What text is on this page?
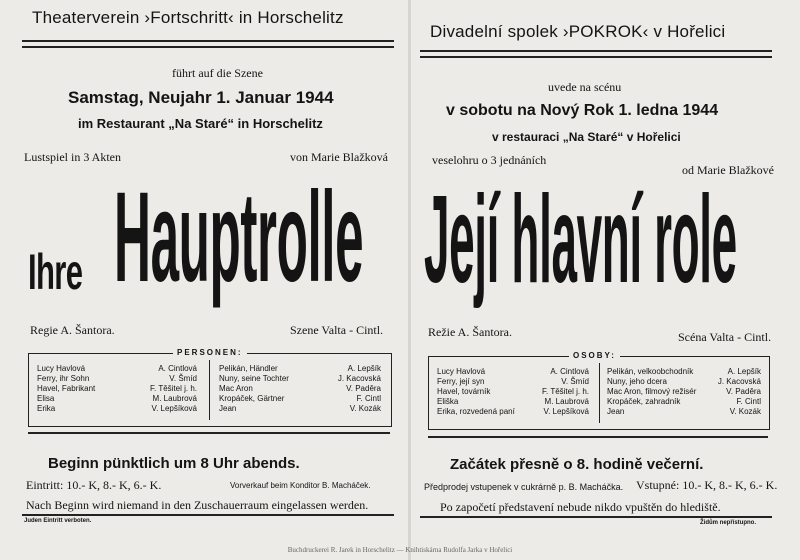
Theaterverein ›Fortschritt‹ in Horschelitz
führt auf die Szene
Samstag, Neujahr 1. Januar 1944
im Restaurant „Na Staré“ in Horschelitz
Lustspiel in 3 Akten	von Marie Blažková
Ihre Hauptrolle
Regie A. Šantora.	Szene Valta - Cintl.
PERSONEN:
Lucy Havlová	A. Cintlová
Ferry, ihr Sohn	V. Šmíd
Havel, Fabrikant	F. Těšitel j. h.
Elisa	M. Laubrová
Erika	V. Lepšíková
Pelikán, Händler	A. Lepšík
Nuny, seine Tochter	J. Kacovská
Mac Aron	V. Paděra
Kropáček, Gärtner	F. Cintl
Jean	V. Kozák
Beginn pünktlich um 8 Uhr abends.
Eintritt: 10.- K, 8.- K, 6.- K.	Vorverkauf beim Konditor B. Macháček.
Nach Beginn wird niemand in den Zuschauerraum eingelassen werden.
Juden Eintritt verboten.
Divadelní spolek ›POKROK‹ v Hořelici
uvede na scénu
v sobotu na Nový Rok 1. ledna 1944
v restauraci „Na Staré“ v Hořelici
veselohru o 3 jednáních
od Marie Blažkové
Její hlavní role
Režie A. Šantora.	Scéna Valta - Cintl.
OSOBY:
Lucy Havlová	A. Cintlová
Ferry, její syn	V. Šmíd
Havel, továrník	F. Těšitel j. h.
Eliška	M. Laubrová
Erika, rozvedená paní	V. Lepšíková
Pelikán, velkoobchodník	A. Lepšík
Nuny, jeho dcera	J. Kacovská
Mac Aron, filmový režisér	V. Paděra
Kropáček, zahradník	F. Cintl
Jean	V. Kozák
Začátek přesně o 8. hodině večerní.
Předprodej vstupenek v cukrárně p. B. Macháčka. Vstupné: 10.- K, 8.- K, 6.- K.
Po započetí představení nebude nikdo vpuštěn do hlediště.
Židům nepřístupno.
Buchdruckerei R. Jarek in Horschelitz — Knihtiskárna Rudolfa Jarka v Hořelici
